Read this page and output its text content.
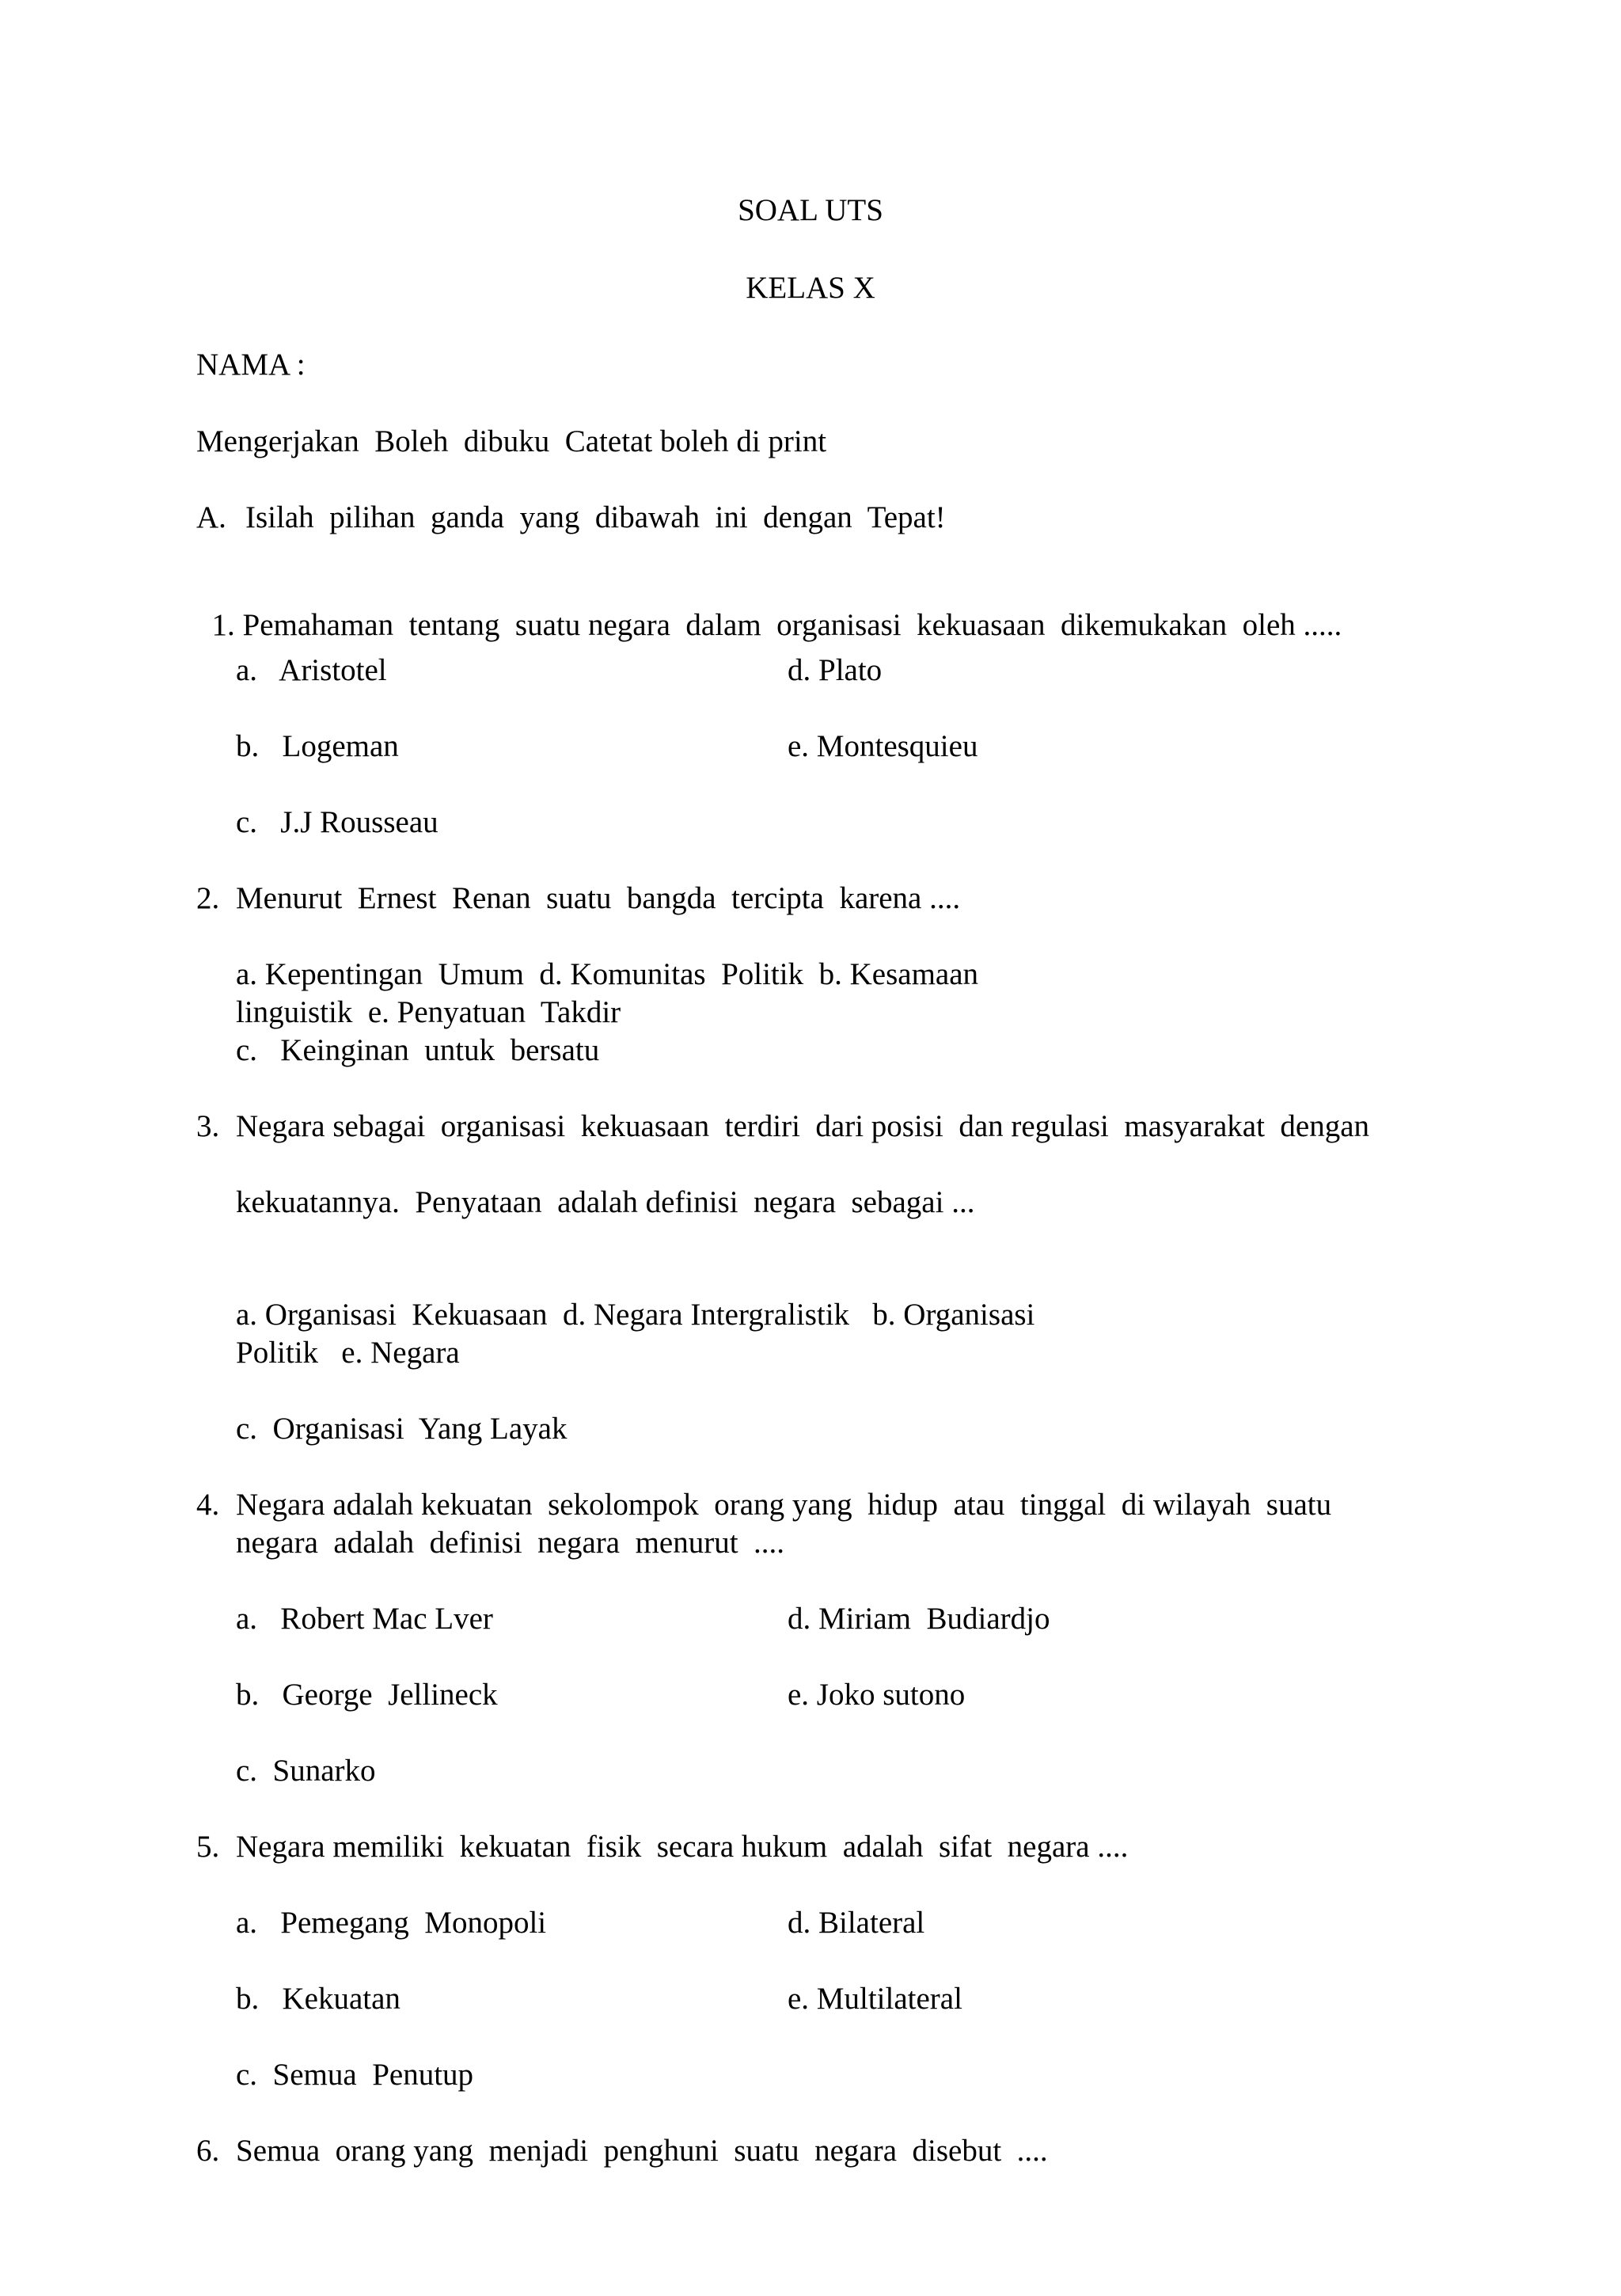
SOAL UTS
KELAS X
NAMA :
Mengerjakan  Boleh  dibuku  Catetat boleh di print
A. Isilah  pilihan  ganda  yang  dibawah  ini  dengan  Tepat!

1. Pemahaman  tentang  suatu negara  dalam  organisasi  kekuasaan  dikemukakan  oleh .....

a.   Aristotel	d. Plato
b.   Logeman	e. Montesquieu
c.   J.J Rousseau
2. Menurut  Ernest  Renan  suatu  bangda  tercipta  karena ....
a. Kepentingan  Umum  d. Komunitas  Politik  b. Kesamaan
linguistik  e. Penyatuan  Takdir
c.   Keinginan  untuk  bersatu
3. Negara sebagai  organisasi  kekuasaan  terdiri  dari posisi  dan regulasi  masyarakat  dengan
kekuatannya.  Penyataan  adalah definisi  negara  sebagai ...
a. Organisasi  Kekuasaan  d. Negara Intergralistik   b. Organisasi
Politik   e. Negara
c.  Organisasi  Yang Layak
4. Negara adalah kekuatan  sekolompok  orang yang  hidup  atau  tinggal  di wilayah  suatu
negara  adalah  definisi  negara  menurut  ....
a.   Robert Mac Lver	d. Miriam  Budiardjo
b.   George  Jellineck	e. Joko sutono
c.  Sunarko
5. Negara memiliki  kekuatan  fisik  secara hukum  adalah  sifat  negara ....
a.   Pemegang  Monopoli	d. Bilateral
b.   Kekuatan	e. Multilateral
c.  Semua  Penutup
6. Semua  orang yang  menjadi  penghuni  suatu  negara  disebut  ....
